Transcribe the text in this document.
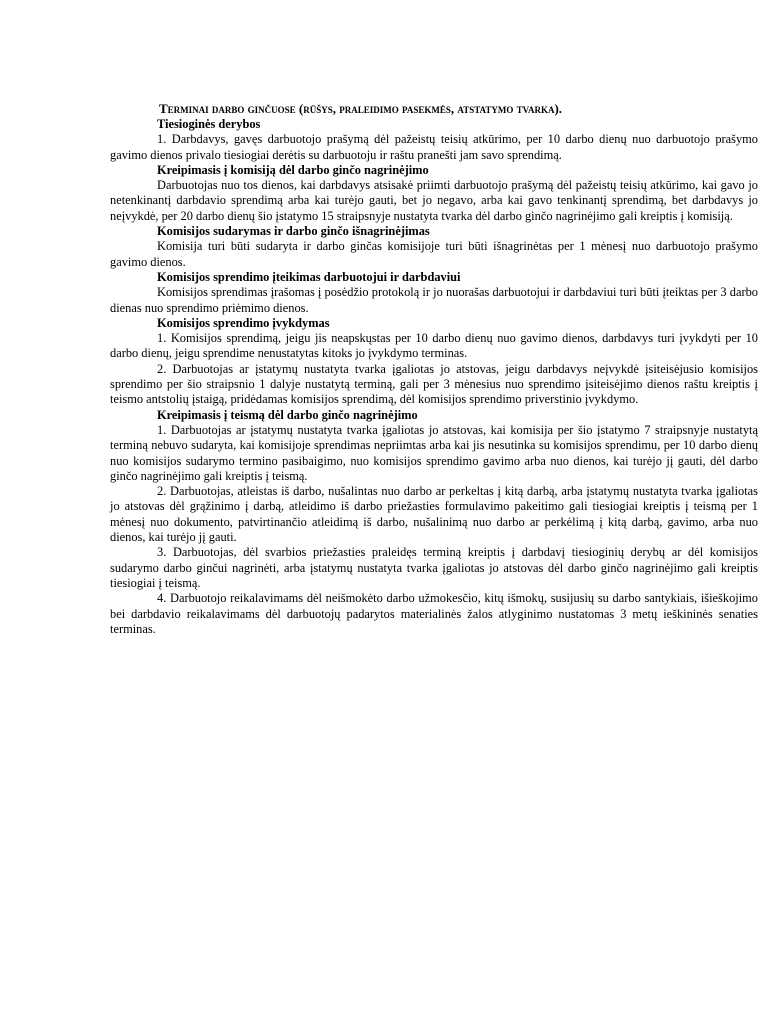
Terminai darbo ginčuose (rūšys, praleidimo pasekmės, atstatymo tvarka).

Tiesioginės derybos

1. Darbdavys, gavęs darbuotojo prašymą dėl pažeistų teisių atkūrimo, per 10 darbo dienų nuo darbuotojo prašymo gavimo dienos privalo tiesiogiai derėtis su darbuotoju ir raštu pranešti jam savo sprendimą.

Kreipimasis į komisiją dėl darbo ginčo nagrinėjimo

Darbuotojas nuo tos dienos, kai darbdavys atsisakė priimti darbuotojo prašymą dėl pažeistų teisių atkūrimo, kai gavo jo netenkinantį darbdavio sprendimą arba kai turėjo gauti, bet jo negavo, arba kai gavo tenkinantį sprendimą, bet darbdavys jo neįvykdė, per 20 darbo dienų šio įstatymo 15 straipsnyje nustatyta tvarka dėl darbo ginčo nagrinėjimo gali kreiptis į komisiją.

Komisijos sudarymas ir darbo ginčo išnagrinėjimas

Komisija turi būti sudaryta ir darbo ginčas komisijoje turi būti išnagrinėtas per 1 mėnesį nuo darbuotojo prašymo gavimo dienos.

Komisijos sprendimo įteikimas darbuotojui ir darbdaviui

Komisijos sprendimas įrašomas į posėdžio protokolą ir jo nuorašas darbuotojui ir darbdaviui turi būti įteiktas per 3 darbo dienas nuo sprendimo priėmimo dienos.

Komisijos sprendimo įvykdymas

1. Komisijos sprendimą, jeigu jis neapskųstas per 10 darbo dienų nuo gavimo dienos, darbdavys turi įvykdyti per 10 darbo dienų, jeigu sprendime nenustatytas kitoks jo įvykdymo terminas.

2. Darbuotojas ar įstatymų nustatyta tvarka įgaliotas jo atstovas, jeigu darbdavys neįvykdė įsiteisėjusio komisijos sprendimo per šio straipsnio 1 dalyje nustatytą terminą, gali per 3 mėnesius nuo sprendimo įsiteisėjimo dienos raštu kreiptis į teismo antstolių įstaigą, pridėdamas komisijos sprendimą, dėl komisijos sprendimo priverstinio įvykdymo.

Kreipimasis į teismą dėl darbo ginčo nagrinėjimo

1. Darbuotojas ar įstatymų nustatyta tvarka įgaliotas jo atstovas, kai komisija per šio įstatymo 7 straipsnyje nustatytą terminą nebuvo sudaryta, kai komisijoje sprendimas nepriimtas arba kai jis nesutinka su komisijos sprendimu, per 10 darbo dienų nuo komisijos sudarymo termino pasibaigimo, nuo komisijos sprendimo gavimo arba nuo dienos, kai turėjo jį gauti, dėl darbo ginčo nagrinėjimo gali kreiptis į teismą.

2. Darbuotojas, atleistas iš darbo, nušalintas nuo darbo ar perkeltas į kitą darbą, arba įstatymų nustatyta tvarka įgaliotas jo atstovas dėl grąžinimo į darbą, atleidimo iš darbo priežasties formulavimo pakeitimo gali tiesiogiai kreiptis į teismą per 1 mėnesį nuo dokumento, patvirtinančio atleidimą iš darbo, nušalinimą nuo darbo ar perkėlimą į kitą darbą, gavimo, arba nuo dienos, kai turėjo jį gauti.

3. Darbuotojas, dėl svarbios priežasties praleidęs terminą kreiptis į darbdavį tiesioginių derybų ar dėl komisijos sudarymo darbo ginčui nagrinėti, arba įstatymų nustatyta tvarka įgaliotas jo atstovas dėl darbo ginčo nagrinėjimo gali kreiptis tiesiogiai į teismą.

4. Darbuotojo reikalavimams dėl neišmokėto darbo užmokesčio, kitų išmokų, susijusių su darbo santykiais, išieškojimo bei darbdavio reikalavimams dėl darbuotojų padarytos materialinės žalos atlyginimo nustatomas 3 metų ieškininės senaties terminas.
